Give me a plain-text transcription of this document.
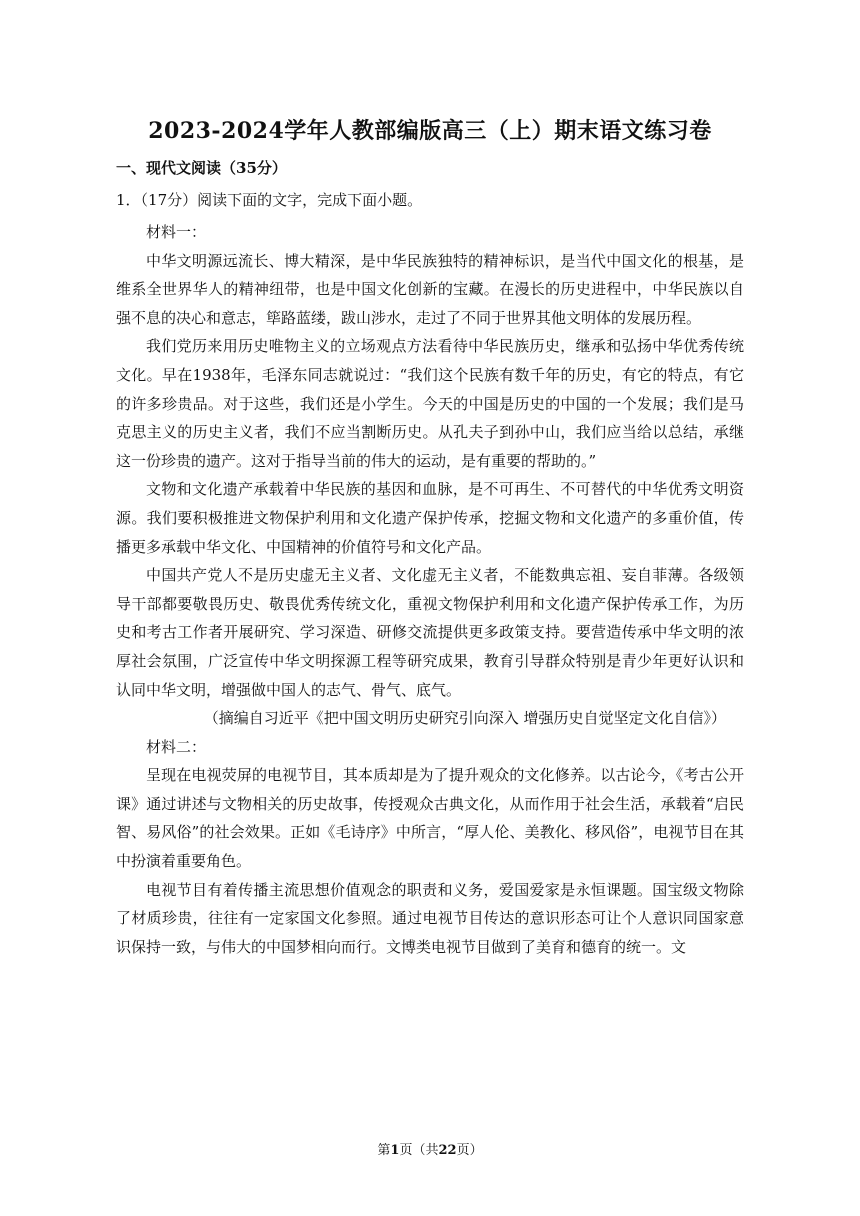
2023-2024学年人教部编版高三（上）期末语文练习卷
一、现代文阅读（35分）
1．（17分）阅读下面的文字，完成下面小题。

材料一：

中华文明源远流长、博大精深，是中华民族独特的精神标识，是当代中国文化的根基，是维系全世界华人的精神纽带，也是中国文化创新的宝藏。在漫长的历史进程中，中华民族以自强不息的决心和意志，筚路蓝缕，跋山涉水，走过了不同于世界其他文明体的发展历程。

我们党历来用历史唯物主义的立场观点方法看待中华民族历史，继承和弘扬中华优秀传统文化。早在1938年，毛泽东同志就说过：“我们这个民族有数千年的历史，有它的特点，有它的许多珍贵品。对于这些，我们还是小学生。今天的中国是历史的中国的一个发展；我们是马克思主义的历史主义者，我们不应当割断历史。从孔夫子到孙中山，我们应当给以总结，承继这一份珍贵的遗产。这对于指导当前的伟大的运动，是有重要的帮助的。”

文物和文化遗产承载着中华民族的基因和血脉，是不可再生、不可替代的中华优秀文明资源。我们要积极推进文物保护利用和文化遗产保护传承，挖掘文物和文化遗产的多重价值，传播更多承载中华文化、中国精神的价值符号和文化产品。

中国共产党人不是历史虚无主义者、文化虚无主义者，不能数典忘祖、妄自菲薄。各级领导干部都要敬畏历史、敬畏优秀传统文化，重视文物保护利用和文化遗产保护传承工作，为历史和考古工作者开展研究、学习深造、研修交流提供更多政策支持。要营造传承中华文明的浓厚社会氛围，广泛宣传中华文明探源工程等研究成果，教育引导群众特别是青少年更好认识和认同中华文明，增强做中国人的志气、骨气、底气。

（摘编自习近平《把中国文明历史研究引向深入 增强历史自觉坚定文化自信》）

材料二：

呈现在电视荧屏的电视节目，其本质却是为了提升观众的文化修养。以古论今，《考古公开课》通过讲述与文物相关的历史故事，传授观众古典文化，从而作用于社会生活，承载着“启民智、易风俗”的社会效果。正如《毛诗序》中所言，“厚人伦、美教化、移风俗”，电视节目在其中扮演着重要角色。

电视节目有着传播主流思想价值观念的职责和义务，爱国爱家是永恒课题。国宝级文物除了材质珍贵，往往有一定家国文化参照。通过电视节目传达的意识形态可让个人意识同国家意识保持一致，与伟大的中国梦相向而行。文博类电视节目做到了美育和德育的统一。文

第1页（共22页）
